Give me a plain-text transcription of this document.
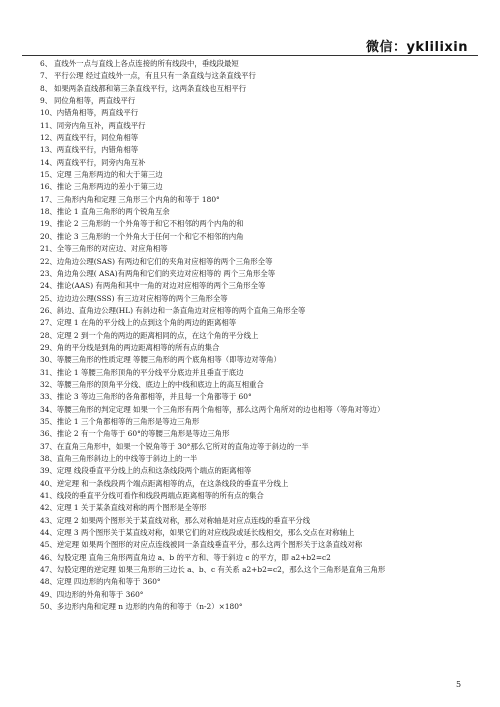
微信：yklilixin
6、 直线外一点与直线上各点连接的所有线段中，垂线段最短
7、 平行公理 经过直线外一点，有且只有一条直线与这条直线平行
8、 如果两条直线都和第三条直线平行，这两条直线也互相平行
9、 同位角相等，两直线平行
10、内错角相等，两直线平行
11、同旁内角互补，两直线平行
12、两直线平行，同位角相等
13、两直线平行，内错角相等
14、两直线平行，同旁内角互补
15、定理 三角形两边的和大于第三边
16、推论 三角形两边的差小于第三边
17、三角形内角和定理 三角形三个内角的和等于 180°
18、推论 1 直角三角形的两个锐角互余
19、推论 2 三角形的一个外角等于和它不相邻的两个内角的和
20、推论 3 三角形的一个外角大于任何一个和它不相邻的内角
21、全等三角形的对应边、对应角相等
22、边角边公理(SAS) 有两边和它们的夹角对应相等的两个三角形全等
23、角边角公理( ASA)有两角和它们的夹边对应相等的 两个三角形全等
24、推论(AAS) 有两角和其中一角的对边对应相等的两个三角形全等
25、边边边公理(SSS) 有三边对应相等的两个三角形全等
26、斜边、直角边公理(HL) 有斜边和一条直角边对应相等的两个直角三角形全等
27、定理 1 在角的平分线上的点到这个角的两边的距离相等
28、定理 2 到一个角的两边的距离相同的点，在这个角的平分线上
29、角的平分线是到角的两边距离相等的所有点的集合
30、等腰三角形的性质定理 等腰三角形的两个底角相等（即等边对等角）
31、推论 1 等腰三角形顶角的平分线平分底边并且垂直于底边
32、等腰三角形的顶角平分线、底边上的中线和底边上的高互相重合
33、推论 3 等边三角形的各角都相等，并且每一个角都等于 60°
34、等腰三角形的判定定理 如果一个三角形有两个角相等，那么这两个角所对的边也相等（等角对等边）
35、推论 1 三个角都相等的三角形是等边三角形
36、推论 2 有一个角等于 60°的等腰三角形是等边三角形
37、在直角三角形中，如果一个锐角等于 30°那么它所对的直角边等于斜边的一半
38、直角三角形斜边上的中线等于斜边上的一半
39、定理 线段垂直平分线上的点和这条线段两个端点的距离相等
40、逆定理 和一条线段两个端点距离相等的点，在这条线段的垂直平分线上
41、线段的垂直平分线可看作和线段两端点距离相等的所有点的集合
42、定理 1 关于某条直线对称的两个图形是全等形
43、定理 2 如果两个图形关于某直线对称，那么对称轴是对应点连线的垂直平分线
44、定理 3 两个图形关于某直线对称，如果它们的对应线段或延长线相交，那么交点在对称轴上
45、逆定理 如果两个图形的对应点连线被同一条直线垂直平分，那么这两个图形关于这条直线对称
46、勾股定理 直角三角形两直角边 a、b 的平方和、等于斜边 c 的平方，即 a2+b2=c2
47、勾股定理的逆定理 如果三角形的三边长 a、b、c 有关系 a2+b2=c2，那么这个三角形是直角三角形
48、定理 四边形的内角和等于 360°
49、四边形的外角和等于 360°
50、多边形内角和定理 n 边形的内角的和等于（n-2）×180°
5
